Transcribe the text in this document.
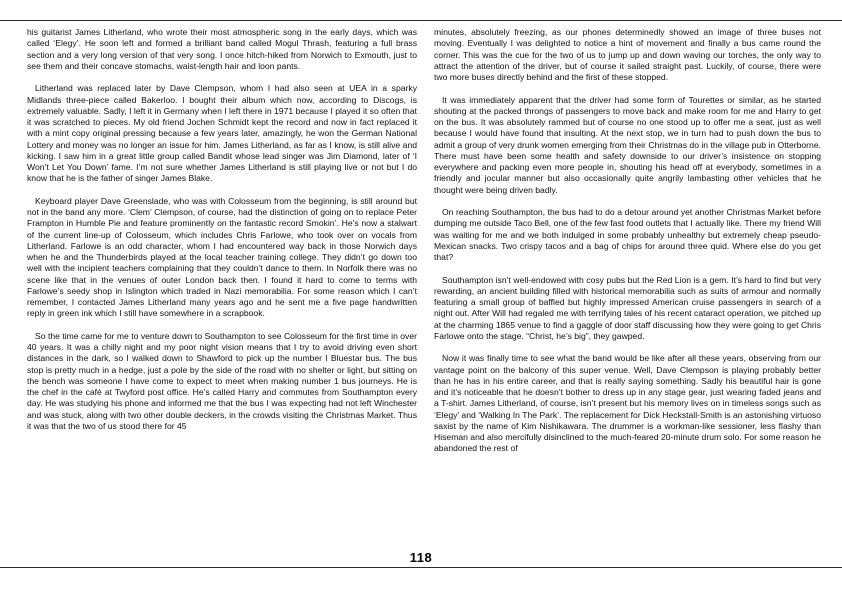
his guitarist James Litherland, who wrote their most atmospheric song in the early days, which was called ‘Elegy’. He soon left and formed a brilliant band called Mogul Thrash, featuring a full brass section and a very long version of that very song. I once hitch-hiked from Norwich to Exmouth, just to see them and their concave stomachs, waist-length hair and loon pants.

Litherland was replaced later by Dave Clempson, whom I had also seen at UEA in a sparky Midlands three-piece called Bakerloo. I bought their album which now, according to Discogs, is extremely valuable. Sadly, I left it in Germany when I left there in 1971 because I played it so often that it was scratched to pieces. My old friend Jochen Schmidt kept the record and now in fact replaced it with a mint copy original pressing because a few years later, amazingly, he won the German National Lottery and money was no longer an issue for him. James Litherland, as far as I know, is still alive and kicking. I saw him in a great little group called Bandit whose lead singer was Jim Diamond, later of ‘I Won’t Let You Down’ fame. I’m not sure whether James Litherland is still playing live or not but I do know that he is the father of singer James Blake.

Keyboard player Dave Greenslade, who was with Colosseum from the beginning, is still around but not in the band any more. ‘Clem’ Clempson, of course, had the distinction of going on to replace Peter Frampton in Humble Pie and feature prominently on the fantastic record Smokin’. He’s now a stalwart of the current line-up of Colosseum, which includes Chris Farlowe, who took over on vocals from Litherland. Farlowe is an odd character, whom I had encountered way back in those Norwich days when he and the Thunderbirds played at the local teacher training college. They didn’t go down too well with the incipient teachers complaining that they couldn’t dance to them. In Norfolk there was no scene like that in the venues of outer London back then. I found it hard to come to terms with Farlowe’s seedy shop in Islington which traded in Nazi memorabilia. For some reason which I can’t remember, I contacted James Litherland many years ago and he sent me a five page handwritten reply in green ink which I still have somewhere in a scrapbook.

So the time came for me to venture down to Southampton to see Colosseum for the first time in over 40 years. It was a chilly night and my poor night vision means that I try to avoid driving even short distances in the dark, so I walked down to Shawford to pick up the number I Bluestar bus. The bus stop is pretty much in a hedge, just a pole by the side of the road with no shelter or light, but sitting on the bench was someone I have come to expect to meet when making number 1 bus journeys. He is the chef in the café at Twyford post office. He’s called Harry and commutes from Southampton every day. He was studying his phone and informed me that the bus I was expecting had not left Winchester and was stuck, along with two other double deckers, in the crowds visiting the Christmas Market. Thus it was that the two of us stood there for 45

minutes, absolutely freezing, as our phones determinedly showed an image of three buses not moving. Eventually I was delighted to notice a hint of movement and finally a bus came round the corner. This was the cue for the two of us to jump up and down waving our torches, the only way to attract the attention of the driver, but of course it sailed straight past. Luckily, of course, there were two more buses directly behind and the first of these stopped.

It was immediately apparent that the driver had some form of Tourettes or similar, as he started shouting at the packed throngs of passengers to move back and make room for me and Harry to get on the bus. It was absolutely rammed but of course no one stood up to offer me a seat, just as well because I would have found that insulting. At the next stop, we in turn had to push down the bus to admit a group of very drunk women emerging from their Christmas do in the village pub in Otterborne. There must have been some health and safety downside to our driver’s insistence on stopping everywhere and packing even more people in, shouting his head off at everybody, sometimes in a friendly and jocular manner but also occasionally quite angrily lambasting other vehicles that he thought were being driven badly.

On reaching Southampton, the bus had to do a detour around yet another Christmas Market before dumping me outside Taco Bell, one of the few fast food outlets that I actually like. There my friend Will was waiting for me and we both indulged in some probably unhealthy but extremely cheap pseudo-Mexican snacks. Two crispy tacos and a bag of chips for around three quid. Where else do you get that?

Southampton isn’t well-endowed with cosy pubs but the Red Lion is a gem. It’s hard to find but very rewarding, an ancient building filled with historical memorabilia such as suits of armour and normally featuring a small group of baffled but highly impressed American cruise passengers in search of a night out. After Will had regaled me with terrifying tales of his recent cataract operation, we pitched up at the charming 1865 venue to find a gaggle of door staff discussing how they were going to get Chris Farlowe onto the stage. “Christ, he’s big”, they gawped.

Now it was finally time to see what the band would be like after all these years, observing from our vantage point on the balcony of this super venue. Well, Dave Clempson is playing probably better than he has in his entire career, and that is really saying something. Sadly his beautiful hair is gone and it’s noticeable that he doesn’t bother to dress up in any stage gear, just wearing faded jeans and a T-shirt. James Litherland, of course, isn’t present but his memory lives on in timeless songs such as ‘Elegy’ and ‘Walking In The Park’. The replacement for Dick Heckstall-Smith is an astonishing virtuoso saxist by the name of Kim Nishikawara. The drummer is a workman-like sessioner, less flashy than Hiseman and also mercifully disinclined to the much-feared 20-minute drum solo. For some reason he abandoned the rest of

118
